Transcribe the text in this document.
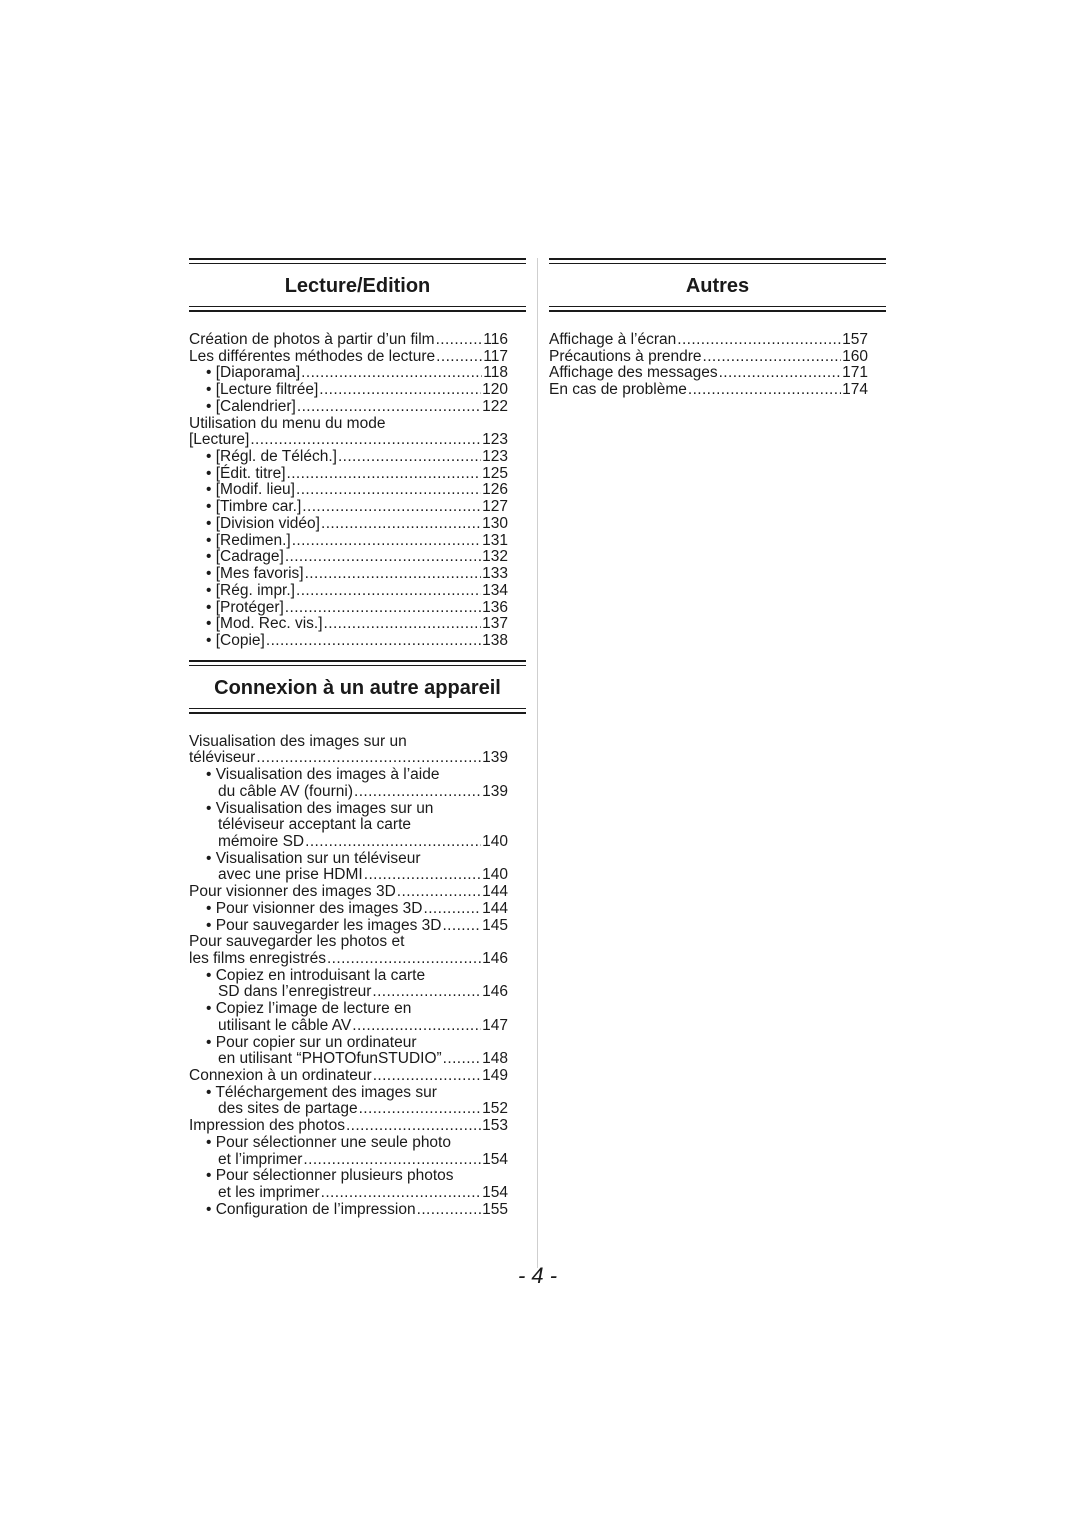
Lecture/Edition
Création de photos à partir d’un film .....	116
Les différentes méthodes de lecture .....	117
• [Diaporama] .....	118
• [Lecture filtrée] .....	120
• [Calendrier] .....	122
Utilisation du menu du mode
[Lecture] .....	123
• [Régl. de Téléch.] .....	123
• [Édit. titre] .....	125
• [Modif. lieu] .....	126
• [Timbre car.] .....	127
• [Division vidéo] .....	130
• [Redimen.] .....	131
• [Cadrage] .....	132
• [Mes favoris] .....	133
• [Rég. impr.] .....	134
• [Protéger] .....	136
• [Mod. Rec. vis.] .....	137
• [Copie] .....	138
Connexion à un autre appareil
Visualisation des images sur un
téléviseur .....	139
• Visualisation des images à l’aide
du câble AV (fourni) .....	139
• Visualisation des images sur un
téléviseur acceptant la carte
mémoire SD .....	140
• Visualisation sur un téléviseur
avec une prise HDMI .....	140
Pour visionner des images 3D .....	144
• Pour visionner des images 3D .....	144
• Pour sauvegarder les images 3D .....	145
Pour sauvegarder les photos et
les films enregistrés .....	146
• Copiez en introduisant la carte
SD dans l’enregistreur .....	146
• Copiez l’image de lecture en
utilisant le câble AV .....	147
• Pour copier sur un ordinateur
en utilisant “PHOTOfunSTUDIO” .....	148
Connexion à un ordinateur .....	149
• Téléchargement des images sur
des sites de partage .....	152
Impression des photos .....	153
• Pour sélectionner une seule photo
et l’imprimer .....	154
• Pour sélectionner plusieurs photos
et les imprimer .....	154
• Configuration de l’impression .....	155
Autres
Affichage à l’écran .....	157
Précautions à prendre .....	160
Affichage des messages .....	171
En cas de problème .....	174
- 4 -
